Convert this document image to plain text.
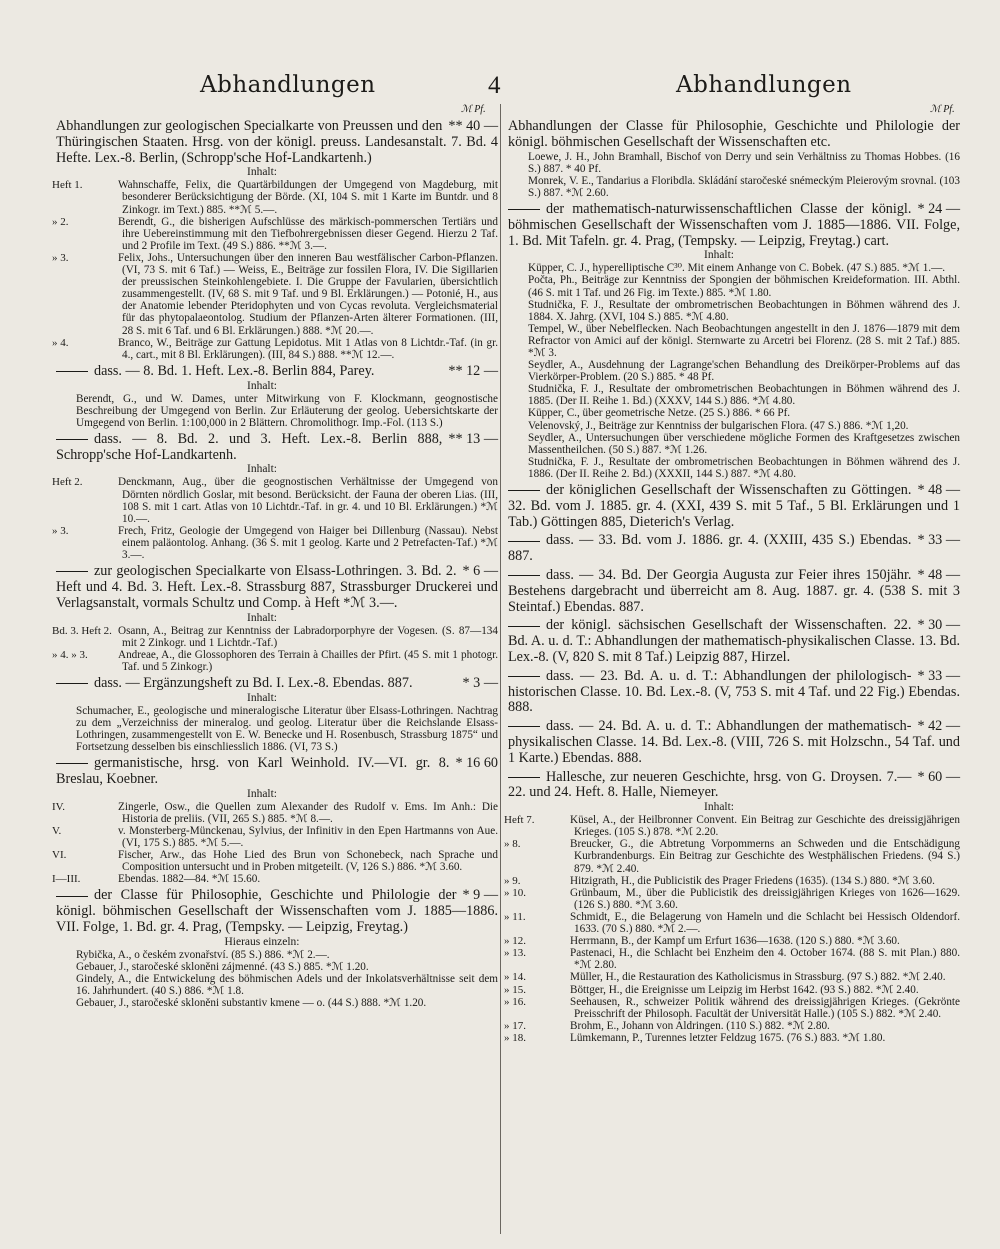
Abhandlungen	4	Abhandlungen
ℳ Pf.	ℳ Pf.
** 40 —
Abhandlungen zur geologischen Specialkarte von Preussen und den Thüringischen Staaten. Hrsg. von der königl. preuss. Landesanstalt. 7. Bd. 4 Hefte. Lex.-8. Berlin, (Schropp'sche Hof-Landkartenh.)
Inhalt:
Heft 1.	Wahnschaffe, Felix, die Quartärbildungen der Umgegend von Magdeburg, mit besonderer Berücksichtigung der Börde. (XI, 104 S. mit 1 Karte im Buntdr. und 8 Zinkogr. im Text.) 885. **ℳ 5.—.
» 2.	Berendt, G., die bisherigen Aufschlüsse des märkisch-pommerschen Tertiärs und ihre Uebereinstimmung mit den Tiefbohrergebnissen dieser Gegend. Hierzu 2 Taf. und 2 Profile im Text. (49 S.) 886. **ℳ 3.—.
» 3.	Felix, Johs., Untersuchungen über den inneren Bau westfälischer Carbon-Pflanzen. (VI, 73 S. mit 6 Taf.) — Weiss, E., Beiträge zur fossilen Flora, IV. Die Sigillarien der preussischen Steinkohlengebiete. I. Die Gruppe der Favularien, übersichtlich zusammengestellt. (IV, 68 S. mit 9 Taf. und 9 Bl. Erklärungen.) — Potonié, H., aus der Anatomie lebender Pteridophyten und von Cycas revoluta. Vergleichsmaterial für das phytopalaeontolog. Studium der Pflanzen-Arten älterer Formationen. (III, 28 S. mit 6 Taf. und 6 Bl. Erklärungen.) 888. *ℳ 20.—.
» 4.	Branco, W., Beiträge zur Gattung Lepidotus. Mit 1 Atlas von 8 Lichtdr.-Taf. (in gr. 4., cart., mit 8 Bl. Erklärungen). (III, 84 S.) 888. **ℳ 12.—.
** 12 —
dass. — 8. Bd. 1. Heft. Lex.-8. Berlin 884, Parey.
Inhalt:
Berendt, G., und W. Dames, unter Mitwirkung von F. Klockmann, geognostische Beschreibung der Umgegend von Berlin. Zur Erläuterung der geolog. Uebersichtskarte der Umgegend von Berlin. 1:100,000 in 2 Blättern. Chromolithogr. Imp.-Fol. (113 S.)
** 13 —
dass. — 8. Bd. 2. und 3. Heft. Lex.-8. Berlin 888, Schropp'sche Hof-Landkartenh.
Inhalt:
Heft 2.	Denckmann, Aug., über die geognostischen Verhältnisse der Umgegend von Dörnten nördlich Goslar, mit besond. Berücksicht. der Fauna der oberen Lias. (III, 108 S. mit 1 cart. Atlas von 10 Lichtdr.-Taf. in gr. 4. und 10 Bl. Erklärungen.) *ℳ 10.—.
» 3.	Frech, Fritz, Geologie der Umgegend von Haiger bei Dillenburg (Nassau). Nebst einem paläontolog. Anhang. (36 S. mit 1 geolog. Karte und 2 Petrefacten-Taf.) *ℳ 3.—.
* 6 —
zur geologischen Specialkarte von Elsass-Lothringen. 3. Bd. 2. Heft und 4. Bd. 3. Heft. Lex.-8. Strassburg 887, Strassburger Druckerei und Verlagsanstalt, vormals Schultz und Comp. à Heft *ℳ 3.—.
Inhalt:
Bd. 3. Heft 2. Osann, A., Beitrag zur Kenntniss der Labradorporphyre der Vogesen. (S. 87—134 mit 2 Zinkogr. und 1 Lichtdr.-Taf.)
» 4. » 3.	Andreae, A., die Glossophoren des Terrain à Chailles der Pfirt. (45 S. mit 1 photogr. Taf. und 5 Zinkogr.)
* 3 —
dass. — Ergänzungsheft zu Bd. I. Lex.-8. Ebendas. 887.
Inhalt:
Schumacher, E., geologische und mineralogische Literatur über Elsass-Lothringen. Nachtrag zu dem „Verzeichniss der mineralog. und geolog. Literatur über die Reichslande Elsass-Lothringen, zusammengestellt von E. W. Benecke und H. Rosenbusch, Strassburg 1875“ und Fortsetzung desselben bis einschliesslich 1886. (VI, 73 S.)
* 16 60
germanistische, hrsg. von Karl Weinhold. IV.—VI. gr. 8. Breslau, Koebner.
Inhalt:
IV.	Zingerle, Osw., die Quellen zum Alexander des Rudolf v. Ems. Im Anh.: Die Historia de preliis. (VII, 265 S.) 885. *ℳ 8.—.
V.	v. Monsterberg-Münckenau, Sylvius, der Infinitiv in den Epen Hartmanns von Aue. (VI, 175 S.) 885. *ℳ 5.—.
VI.	Fischer, Arw., das Hohe Lied des Brun von Schonebeck, nach Sprache und Composition untersucht und in Proben mitgeteilt. (V, 126 S.) 886. *ℳ 3.60.
I—III.	Ebendas. 1882—84. *ℳ 15.60.
* 9 —
der Classe für Philosophie, Geschichte und Philologie der königl. böhmischen Gesellschaft der Wissenschaften vom J. 1885—1886. VII. Folge, 1. Bd. gr. 4. Prag, (Tempsky. — Leipzig, Freytag.)
Hieraus einzeln:
Rybička, A., o českém zvonařství. (85 S.) 886. *ℳ 2.—.
Gebauer, J., staročeské skloněni zájmenné. (43 S.) 885. *ℳ 1.20.
Gindely, A., die Entwickelung des böhmischen Adels und der Inkolatsverhältnisse seit dem 16. Jahrhundert. (40 S.) 886. *ℳ 1.8.
Gebauer, J., staročeské skloněni substantiv kmene — o. (44 S.) 888. *ℳ 1.20.
Abhandlungen der Classe für Philosophie, Geschichte und Philologie der königl. böhmischen Gesellschaft der Wissenschaften etc.
Loewe, J. H., John Bramhall, Bischof von Derry und sein Verhältniss zu Thomas Hobbes. (16 S.) 887. * 40 Pf.
Monrek, V. E., Tandarius a Floribdla. Skládání staročeské snémeckým Pleierovým srovnal. (103 S.) 887. *ℳ 2.60.
* 24 —
der mathematisch-naturwissenschaftlichen Classe der königl. böhmischen Gesellschaft der Wissenschaften vom J. 1885—1886. VII. Folge, 1. Bd. Mit Tafeln. gr. 4. Prag, (Tempsky. — Leipzig, Freytag.) cart.
Inhalt:
Küpper, C. J., hyperelliptische C³⁰. Mit einem Anhange von C. Bobek. (47 S.) 885. *ℳ 1.—.
Počta, Ph., Beiträge zur Kenntniss der Spongien der böhmischen Kreideformation. III. Abthl. (46 S. mit 1 Taf. und 26 Fig. im Texte.) 885. *ℳ 1.80.
Studnička, F. J., Resultate der ombrometrischen Beobachtungen in Böhmen während des J. 1884. X. Jahrg. (XVI, 104 S.) 885. *ℳ 4.80.
Tempel, W., über Nebelflecken. Nach Beobachtungen angestellt in den J. 1876—1879 mit dem Refractor von Amici auf der königl. Sternwarte zu Arcetri bei Florenz. (28 S. mit 2 Taf.) 885. *ℳ 3.
Seydler, A., Ausdehnung der Lagrange'schen Behandlung des Dreikörper-Problems auf das Vierkörper-Problem. (20 S.) 885. * 48 Pf.
Studnička, F. J., Resultate der ombrometrischen Beobachtungen in Böhmen während des J. 1885. (Der II. Reihe 1. Bd.) (XXXV, 144 S.) 886. *ℳ 4.80.
Küpper, C., über geometrische Netze. (25 S.) 886. * 66 Pf.
Velenovský, J., Beiträge zur Kenntniss der bulgarischen Flora. (47 S.) 886. *ℳ 1,20.
Seydler, A., Untersuchungen über verschiedene mögliche Formen des Kraftgesetzes zwischen Massentheilchen. (50 S.) 887. *ℳ 1.26.
Studnička, F. J., Resultate der ombrometrischen Beobachtungen in Böhmen während des J. 1886. (Der II. Reihe 2. Bd.) (XXXII, 144 S.) 887. *ℳ 4.80.
* 48 —
der königlichen Gesellschaft der Wissenschaften zu Göttingen. 32. Bd. vom J. 1885. gr. 4. (XXI, 439 S. mit 5 Taf., 5 Bl. Erklärungen und 1 Tab.) Göttingen 885, Dieterich's Verlag.
* 33 —
dass. — 33. Bd. vom J. 1886. gr. 4. (XXIII, 435 S.) Ebendas. 887.
* 48 —
dass. — 34. Bd. Der Georgia Augusta zur Feier ihres 150jähr. Bestehens dargebracht und überreicht am 8. Aug. 1887. gr. 4. (538 S. mit 3 Steintaf.) Ebendas. 887.
* 30 —
der königl. sächsischen Gesellschaft der Wissenschaften. 22. Bd. A. u. d. T.: Abhandlungen der mathematisch-physikalischen Classe. 13. Bd. Lex.-8. (V, 820 S. mit 8 Taf.) Leipzig 887, Hirzel.
* 33 —
dass. — 23. Bd. A. u. d. T.: Abhandlungen der philologisch-historischen Classe. 10. Bd. Lex.-8. (V, 753 S. mit 4 Taf. und 22 Fig.) Ebendas. 888.
* 42 —
dass. — 24. Bd. A. u. d. T.: Abhandlungen der mathematisch-physikalischen Classe. 14. Bd. Lex.-8. (VIII, 726 S. mit Holzschn., 54 Taf. und 1 Karte.) Ebendas. 888.
* 60 —
Hallesche, zur neueren Geschichte, hrsg. von G. Droysen. 7.—22. und 24. Heft. 8. Halle, Niemeyer.
Inhalt:
Heft 7.	Küsel, A., der Heilbronner Convent. Ein Beitrag zur Geschichte des dreissigjährigen Krieges. (105 S.) 878. *ℳ 2.20.
» 8.	Breucker, G., die Abtretung Vorpommerns an Schweden und die Entschädigung Kurbrandenburgs. Ein Beitrag zur Geschichte des Westphälischen Friedens. (94 S.) 879. *ℳ 2.40.
» 9.	Hitzigrath, H., die Publicistik des Prager Friedens (1635). (134 S.) 880. *ℳ 3.60.
» 10.	Grünbaum, M., über die Publicistik des dreissigjährigen Krieges von 1626—1629. (126 S.) 880. *ℳ 3.60.
» 11.	Schmidt, E., die Belagerung von Hameln und die Schlacht bei Hessisch Oldendorf. 1633. (70 S.) 880. *ℳ 2.—.
» 12.	Herrmann, B., der Kampf um Erfurt 1636—1638. (120 S.) 880. *ℳ 3.60.
» 13.	Pastenaci, H., die Schlacht bei Enzheim den 4. October 1674. (88 S. mit Plan.) 880. *ℳ 2.80.
» 14.	Müller, H., die Restauration des Katholicismus in Strassburg. (97 S.) 882. *ℳ 2.40.
» 15.	Böttger, H., die Ereignisse um Leipzig im Herbst 1642. (93 S.) 882. *ℳ 2.40.
» 16.	Seehausen, R., schweizer Politik während des dreissigjährigen Krieges. (Gekrönte Preisschrift der Philosoph. Facultät der Universität Halle.) (105 S.) 882. *ℳ 2.40.
» 17.	Brohm, E., Johann von Aldringen. (110 S.) 882. *ℳ 2.80.
» 18.	Lümkemann, P., Turennes letzter Feldzug 1675. (76 S.) 883. *ℳ 1.80.
